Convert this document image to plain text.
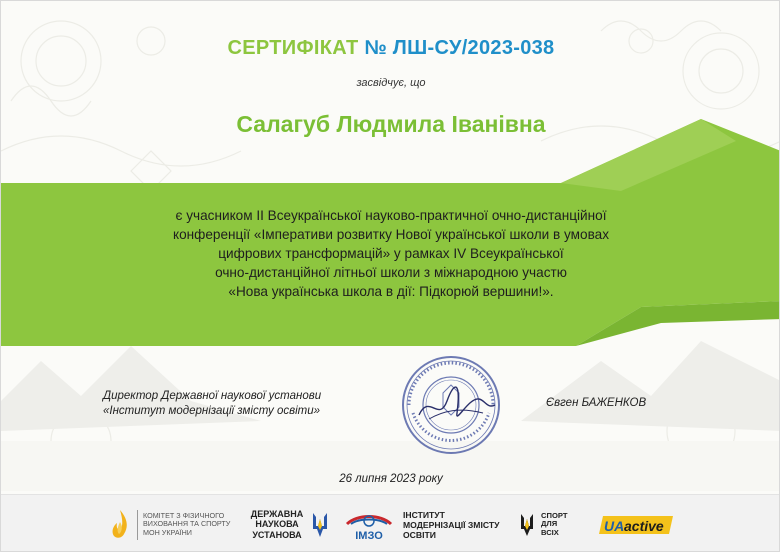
СЕРТИФІКАТ № ЛШ-СУ/2023-038
засвідчує, що
Салагуб Людмила Іванівна
є учасником ІІ Всеукраїнської науково-практичної очно-дистанційної
конференції «Імперативи розвитку Нової української школи в умовах
цифрових трансформацій» у рамках IV Всеукраїнської
очно-дистанційної літньої школи з міжнародною участю
«Нова українська школа в дії: Підкорюй вершини!».
Директор Державної наукової установи
«Інститут модернізації змісту освіти»
Євген БАЖЕНКОВ
26 липня 2023 року
КОМІТЕТ З ФІЗИЧНОГО
ВИХОВАННЯ ТА СПОРТУ
МОН УКРАЇНИ
ДЕРЖАВНА
НАУКОВА
УСТАНОВА	ІМЗО
ІНСТИТУТ
МОДЕРНІЗАЦІЇ ЗМІСТУ
ОСВІТИ
СПОРТ
ДЛЯ
ВСІХ	UA active
